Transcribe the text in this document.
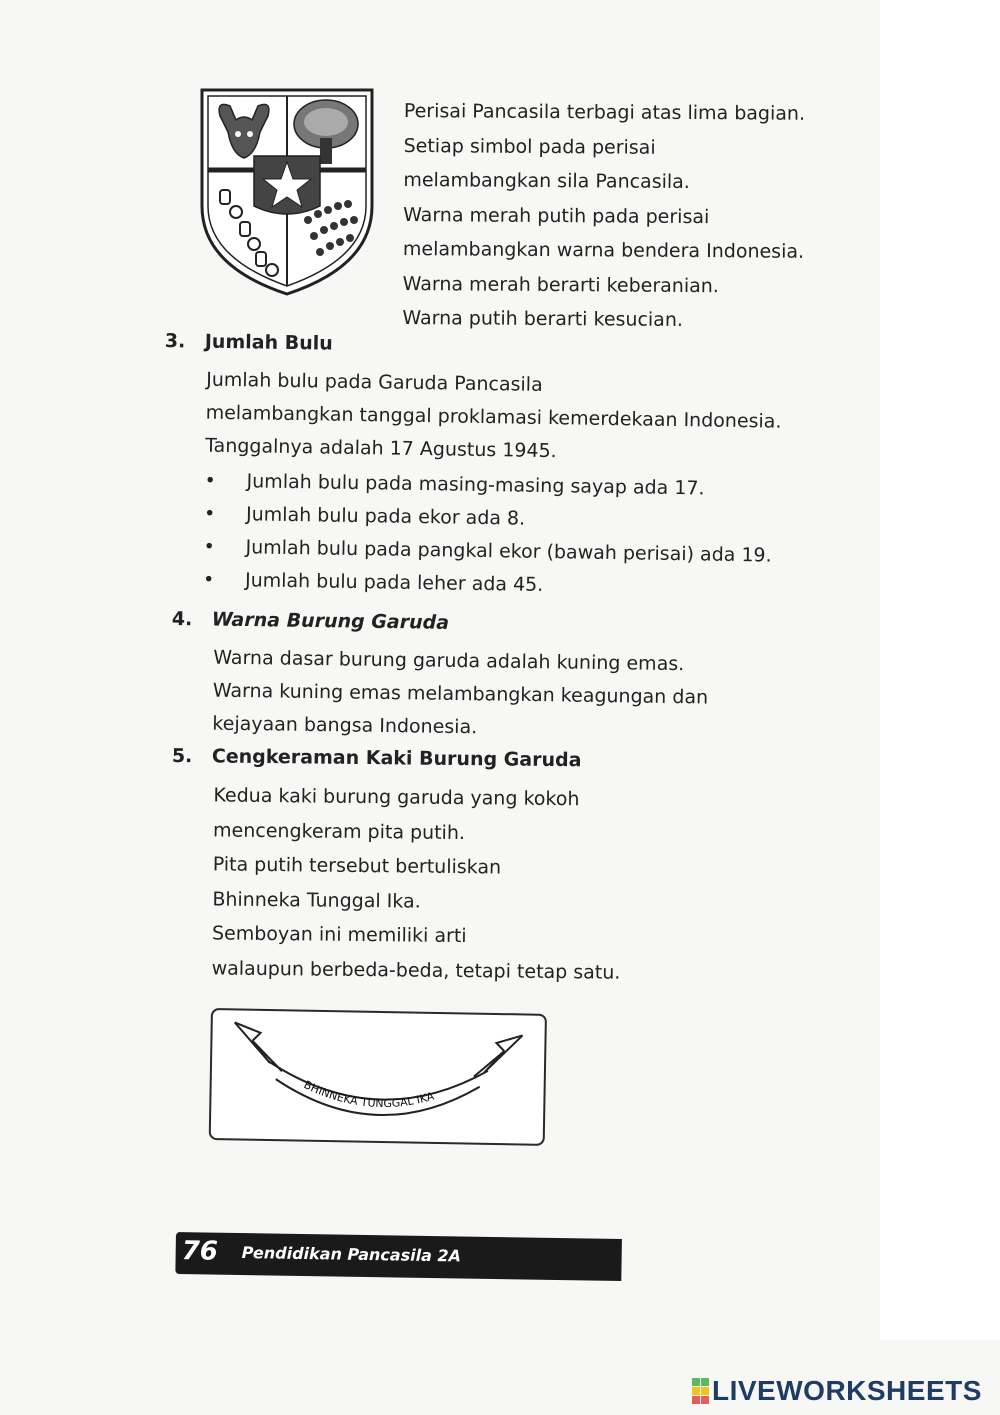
Perisai Pancasila terbagi atas lima bagian.
Setiap simbol pada perisai
melambangkan sila Pancasila.
Warna merah putih pada perisai
melambangkan warna bendera Indonesia.
Warna merah berarti keberanian.
Warna putih berarti kesucian.
3. Jumlah Bulu
Jumlah bulu pada Garuda Pancasila
melambangkan tanggal proklamasi kemerdekaan Indonesia.
Tanggalnya adalah 17 Agustus 1945.
• Jumlah bulu pada masing-masing sayap ada 17.
• Jumlah bulu pada ekor ada 8.
• Jumlah bulu pada pangkal ekor (bawah perisai) ada 19.
• Jumlah bulu pada leher ada 45.
4. Warna Burung Garuda
Warna dasar burung garuda adalah kuning emas.
Warna kuning emas melambangkan keagungan dan
kejayaan bangsa Indonesia.
5. Cengkeraman Kaki Burung Garuda
Kedua kaki burung garuda yang kokoh
mencengkeram pita putih.
Pita putih tersebut bertuliskan
Bhinneka Tunggal Ika.
Semboyan ini memiliki arti
walaupun berbeda-beda, tetapi tetap satu.
BHINNEKA TUNGGAL IKA
76 Pendidikan Pancasila 2A
LIVEWORKSHEETS
